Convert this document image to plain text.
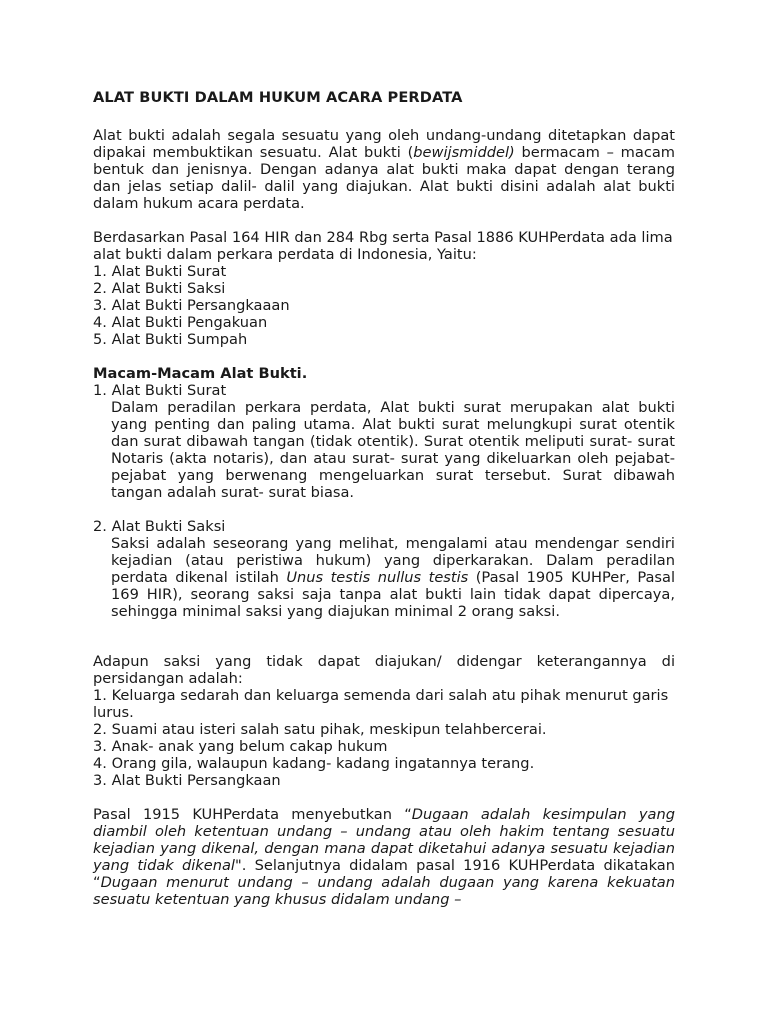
ALAT BUKTI DALAM HUKUM ACARA PERDATA

Alat bukti adalah segala sesuatu yang oleh undang-undang ditetapkan dapat dipakai membuktikan sesuatu. Alat bukti (bewijsmiddel) bermacam – macam bentuk dan jenisnya. Dengan adanya alat bukti maka dapat dengan terang dan jelas setiap dalil- dalil yang diajukan. Alat bukti disini adalah alat bukti dalam hukum acara perdata.

Berdasarkan Pasal 164 HIR dan 284 Rbg serta Pasal 1886 KUHPerdata ada lima alat bukti dalam perkara perdata di Indonesia, Yaitu:

1. Alat Bukti Surat
2. Alat Bukti Saksi
3. Alat Bukti Persangkaaan
4. Alat Bukti Pengakuan
5. Alat Bukti Sumpah
Macam-Macam Alat Bukti.
1. Alat Bukti Surat

Dalam peradilan perkara perdata, Alat bukti surat merupakan alat bukti yang penting dan paling utama. Alat bukti surat melungkupi surat otentik dan surat dibawah tangan (tidak otentik). Surat otentik meliputi surat- surat Notaris (akta notaris), dan atau surat- surat yang dikeluarkan oleh pejabat- pejabat yang berwenang mengeluarkan surat tersebut. Surat dibawah tangan adalah surat- surat biasa.

2. Alat Bukti Saksi

Saksi adalah seseorang yang melihat, mengalami atau mendengar sendiri kejadian (atau peristiwa hukum) yang diperkarakan. Dalam peradilan perdata dikenal istilah Unus testis nullus testis (Pasal 1905 KUHPer, Pasal 169 HIR), seorang saksi saja tanpa alat bukti lain tidak dapat dipercaya, sehingga minimal saksi yang diajukan minimal 2 orang saksi.

Adapun saksi yang tidak dapat diajukan/ didengar keterangannya di persidangan adalah:

1. Keluarga sedarah dan keluarga semenda dari salah atu pihak menurut garis lurus.
2. Suami atau isteri salah satu pihak, meskipun telahbercerai.
3. Anak- anak yang belum cakap hukum
4. Orang gila, walaupun kadang- kadang ingatannya terang.
3. Alat Bukti Persangkaan

Pasal 1915 KUHPerdata menyebutkan “Dugaan adalah kesimpulan yang diambil oleh ketentuan undang – undang atau oleh hakim tentang sesuatu kejadian yang dikenal, dengan mana dapat diketahui adanya sesuatu kejadian yang tidak dikenal". Selanjutnya didalam pasal 1916 KUHPerdata dikatakan “Dugaan menurut undang – undang adalah dugaan yang karena kekuatan sesuatu ketentuan yang khusus didalam undang –
